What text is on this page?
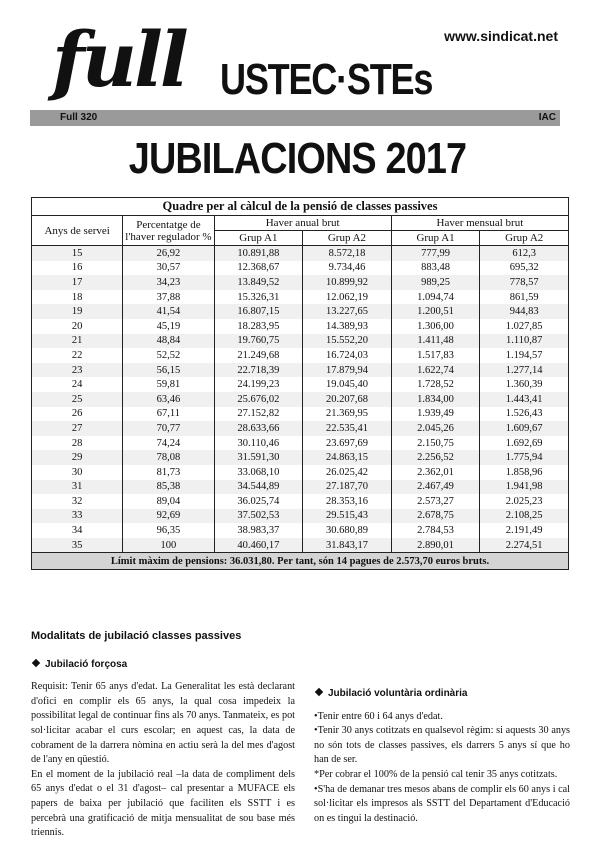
full USTEC·STEs
www.sindicat.net
Full 320	IAC
JUBILACIONS 2017
Quadre per al càlcul de la pensió de classes passives					
Anys de servei	Percentatge de
l'haver regulador %	Haver anual brut		Haver mensual brut	
		Grup A1	Grup A2	Grup A1	Grup A2
15	26,92	10.891,88	8.572,18	777,99	612,3
16	30,57	12.368,67	9.734,46	883,48	695,32
17	34,23	13.849,52	10.899,92	989,25	778,57
18	37,88	15.326,31	12.062,19	1.094,74	861,59
19	41,54	16.807,15	13.227,65	1.200,51	944,83
20	45,19	18.283,95	14.389,93	1.306,00	1.027,85
21	48,84	19.760,75	15.552,20	1.411,48	1.110,87
22	52,52	21.249,68	16.724,03	1.517,83	1.194,57
23	56,15	22.718,39	17.879,94	1.622,74	1.277,14
24	59,81	24.199,23	19.045,40	1.728,52	1.360,39
25	63,46	25.676,02	20.207,68	1.834,00	1.443,41
26	67,11	27.152,82	21.369,95	1.939,49	1.526,43
27	70,77	28.633,66	22.535,41	2.045,26	1.609,67
28	74,24	30.110,46	23.697,69	2.150,75	1.692,69
29	78,08	31.591,30	24.863,15	2.256,52	1.775,94
30	81,73	33.068,10	26.025,42	2.362,01	1.858,96
31	85,38	34.544,89	27.187,70	2.467,49	1.941,98
32	89,04	36.025,74	28.353,16	2.573,27	2.025,23
33	92,69	37.502,53	29.515,43	2.678,75	2.108,25
34	96,35	38.983,37	30.680,89	2.784,53	2.191,49
35	100	40.460,17	31.843,17	2.890,01	2.274,51
Límit màxim de pensions: 36.031,80. Per tant, són 14 pagues de 2.573,70 euros bruts.					
Modalitats de jubilació classes passives
Jubilació forçosa

Requisit: Tenir 65 anys d'edat. La Generalitat les està declarant d'ofici en complir els 65 anys, la qual cosa impedeix la possibilitat legal de continuar fins als 70 anys. Tanmateix, es pot sol·licitar acabar el curs escolar; en aquest cas, la data de cobrament de la darrera nòmina en actiu serà la del mes d'agost de l'any en qüestió.

En el moment de la jubilació real –la data de compliment dels 65 anys d'edat o el 31 d'agost– cal presentar a MUFACE els papers de baixa per jubilació que faciliten els SSTT i es percebrà una gratificació de mitja mensualitat de sou base més triennis.

Jubilació voluntària ordinària

•Tenir entre 60 i 64 anys d'edat.

•Tenir 30 anys cotitzats en qualsevol règim: si aquests 30 anys no són tots de classes passives, els darrers 5 anys sí que ho han de ser.

*Per cobrar el 100% de la pensió cal tenir 35 anys cotitzats.

•S'ha de demanar tres mesos abans de complir els 60 anys i cal sol·licitar els impresos als SSTT del Departament d'Educació on es tingui la destinació.
